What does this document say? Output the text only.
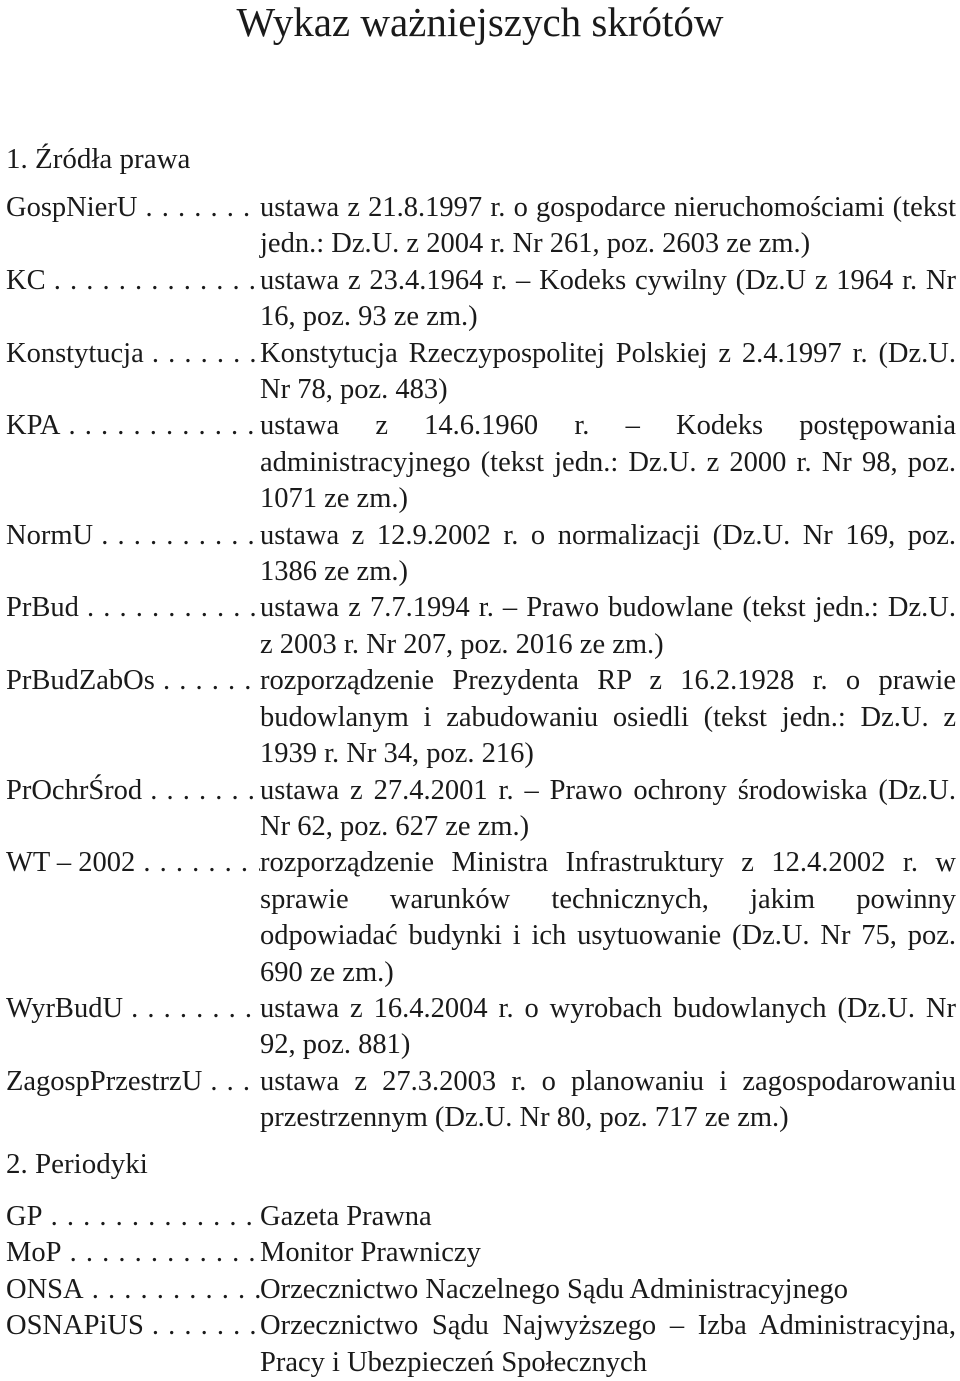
Wykaz ważniejszych skrótów
1. Źródła prawa
GospNierU . . .	ustawa z 21.8.1997 r. o gospodarce nieruchomościami (tekst jedn.: Dz.U. z 2004 r. Nr 261, poz. 2603 ze zm.)
KC . . .	ustawa z 23.4.1964 r. – Kodeks cywilny (Dz.U z 1964 r. Nr 16, poz. 93 ze zm.)
Konstytucja . . .	Konstytucja Rzeczypospolitej Polskiej z 2.4.1997 r. (Dz.U. Nr 78, poz. 483)
KPA . . .	ustawa z 14.6.1960 r. – Kodeks postępowania administracyjnego (tekst jedn.: Dz.U. z 2000 r. Nr 98, poz. 1071 ze zm.)
NormU . . .	ustawa z 12.9.2002 r. o normalizacji (Dz.U. Nr 169, poz. 1386 ze zm.)
PrBud . . .	ustawa z 7.7.1994 r. – Prawo budowlane (tekst jedn.: Dz.U. z 2003 r. Nr 207, poz. 2016 ze zm.)
PrBudZabOs . . .	rozporządzenie Prezydenta RP z 16.2.1928 r. o prawie budowlanym i zabudowaniu osiedli (tekst jedn.: Dz.U. z 1939 r. Nr 34, poz. 216)
PrOchrŚrod . . .	ustawa z 27.4.2001 r. – Prawo ochrony środowiska (Dz.U. Nr 62, poz. 627 ze zm.)
WT – 2002 . . .	rozporządzenie Ministra Infrastruktury z 12.4.2002 r. w sprawie warunków technicznych, jakim powinny odpowiadać budynki i ich usytuowanie (Dz.U. Nr 75, poz. 690 ze zm.)
WyrBudU . . .	ustawa z 16.4.2004 r. o wyrobach budowlanych (Dz.U. Nr 92, poz. 881)
ZagospPrzestrzU . . .	ustawa z 27.3.2003 r. o planowaniu i zagospodarowaniu przestrzennym (Dz.U. Nr 80, poz. 717 ze zm.)
2. Periodyki
GP . . .	Gazeta Prawna
MoP . . .	Monitor Prawniczy
ONSA . . .	Orzecznictwo Naczelnego Sądu Administracyjnego
OSNAPiUS . . .	Orzecznictwo Sądu Najwyższego – Izba Administracyjna, Pracy i Ubezpieczeń Społecznych
